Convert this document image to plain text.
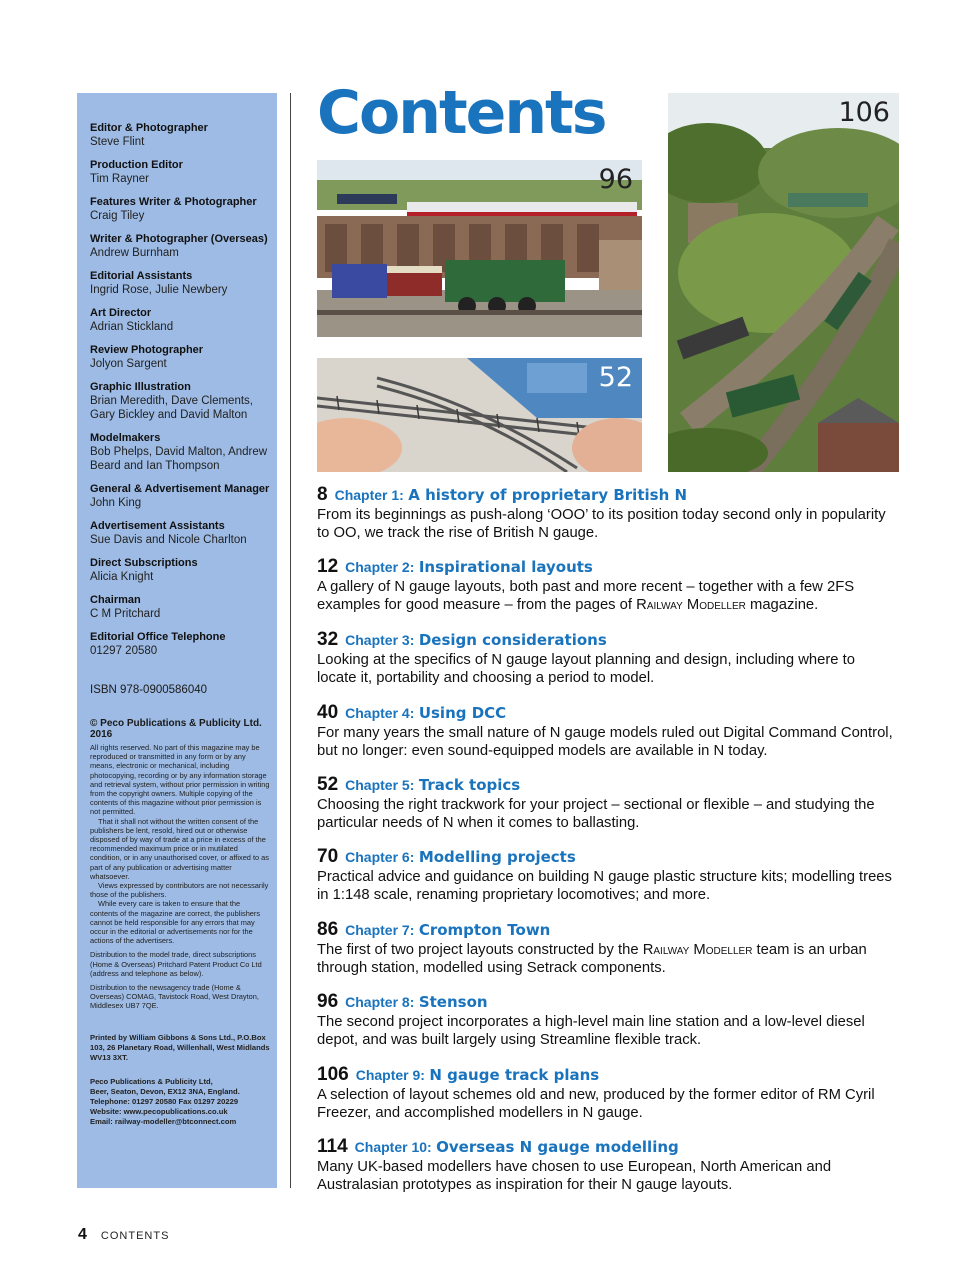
Editor & Photographer
Steve Flint
Production Editor
Tim Rayner
Features Writer & Photographer
Craig Tiley
Writer & Photographer (Overseas)
Andrew Burnham
Editorial Assistants
Ingrid Rose, Julie Newbery
Art Director
Adrian Stickland
Review Photographer
Jolyon Sargent
Graphic Illustration
Brian Meredith, Dave Clements, Gary Bickley and David Malton
Modelmakers
Bob Phelps, David Malton, Andrew Beard and Ian Thompson
General & Advertisement Manager
John King
Advertisement Assistants
Sue Davis and Nicole Charlton
Direct Subscriptions
Alicia Knight
Chairman
C M Pritchard
Editorial Office Telephone
01297 20580
ISBN 978-0900586040
© Peco Publications & Publicity Ltd. 2016
All rights reserved. No part of this magazine may be reproduced or transmitted in any form or by any means, electronic or mechanical, including photocopying, recording or by any information storage and retrieval system, without prior permission in writing from the copyright owners. Multiple copying of the contents of this magazine without prior permission is not permitted.
That it shall not without the written consent of the publishers be lent, resold, hired out or otherwise disposed of by way of trade at a price in excess of the recommended maximum price or in mutilated condition, or in any unauthorised cover, or affixed to as part of any publication or advertising matter whatsoever.
Views expressed by contributors are not necessarily those of the publishers.
While every care is taken to ensure that the contents of the magazine are correct, the publishers cannot be held responsible for any errors that may occur in the editorial or advertisements nor for the actions of the advertisers.
Distribution to the model trade, direct subscriptions (Home & Overseas) Pritchard Patent Product Co Ltd (address and telephone as below).
Distribution to the newsagency trade (Home & Overseas) COMAG, Tavistock Road, West Drayton, Middlesex UB7 7QE.
Printed by William Gibbons & Sons Ltd., P.O.Box 103, 26 Planetary Road, Willenhall, West Midlands WV13 3XT.
Peco Publications & Publicity Ltd,
Beer, Seaton, Devon, EX12 3NA, England.
Telephone: 01297 20580 Fax 01297 20229
Website: www.pecopublications.co.uk
Email: railway-modeller@btconnect.com
Contents
96
52
106
8 Chapter 1: A history of proprietary British N
From its beginnings as push-along ‘OOO’ to its position today second only in popularity to OO, we track the rise of British N gauge.
12 Chapter 2: Inspirational layouts
A gallery of N gauge layouts, both past and more recent – together with a few 2FS examples for good measure – from the pages of Railway Modeller magazine.
32 Chapter 3: Design considerations
Looking at the specifics of N gauge layout planning and design, including where to locate it, portability and choosing a period to model.
40 Chapter 4: Using DCC
For many years the small nature of N gauge models ruled out Digital Command Control, but no longer: even sound-equipped models are available in N today.
52 Chapter 5: Track topics
Choosing the right trackwork for your project – sectional or flexible – and studying the particular needs of N when it comes to ballasting.
70 Chapter 6: Modelling projects
Practical advice and guidance on building N gauge plastic structure kits; modelling trees in 1:148 scale, renaming proprietary locomotives; and more.
86 Chapter 7: Crompton Town
The first of two project layouts constructed by the Railway Modeller team is an urban through station, modelled using Setrack components.
96 Chapter 8: Stenson
The second project incorporates a high-level main line station and a low-level diesel depot, and was built largely using Streamline flexible track.
106 Chapter 9: N gauge track plans
A selection of layout schemes old and new, produced by the former editor of RM Cyril Freezer, and accomplished modellers in N gauge.
114 Chapter 10: Overseas N gauge modelling
Many UK-based modellers have chosen to use European, North American and Australasian prototypes as inspiration for their N gauge layouts.
4 CONTENTS
